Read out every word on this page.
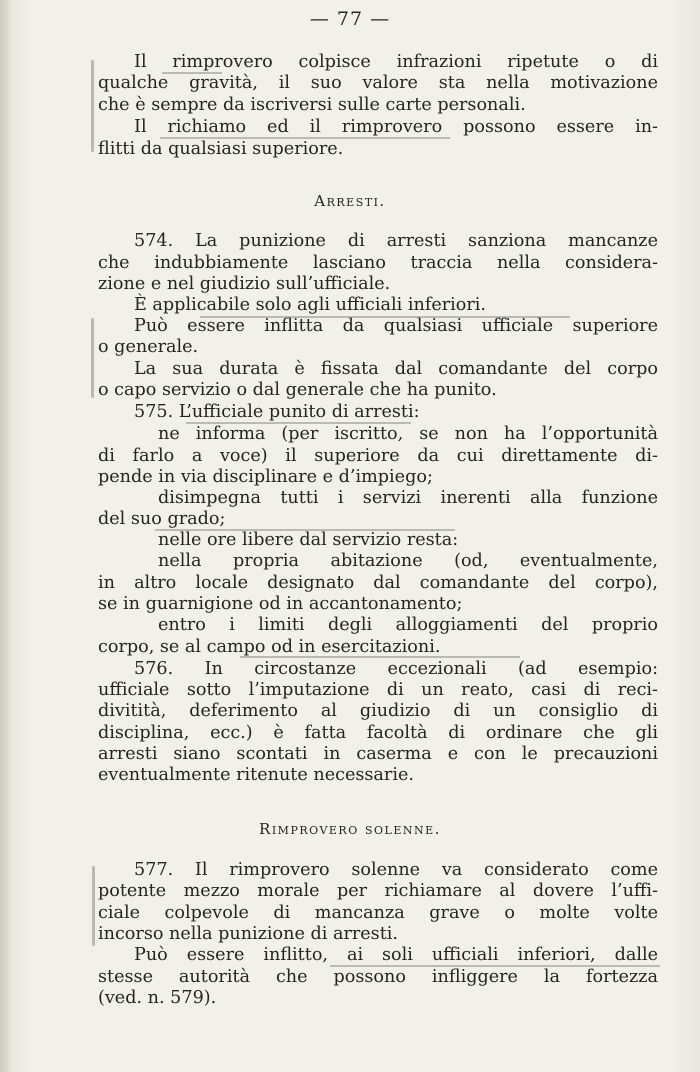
— 77 —
Il rimprovero colpisce infrazioni ripetute o di
qualche gravità, il suo valore sta nella motivazione
che è sempre da iscriversi sulle carte personali.
Il richiamo ed il rimprovero possono essere in-
flitti da qualsiasi superiore.
Arresti.
574. La punizione di arresti sanziona mancanze
che indubbiamente lasciano traccia nella considera-
zione e nel giudizio sull’ufficiale.
È applicabile solo agli ufficiali inferiori.
Può essere inflitta da qualsiasi ufficiale superiore
o generale.
La sua durata è fissata dal comandante del corpo
o capo servizio o dal generale che ha punito.
575. L’ufficiale punito di arresti:
ne informa (per iscritto, se non ha l’opportunità
di farlo a voce) il superiore da cui direttamente di-
pende in via disciplinare e d’impiego;
disimpegna tutti i servizi inerenti alla funzione
del suo grado;
nelle ore libere dal servizio resta:
nella propria abitazione (od, eventualmente,
in altro locale designato dal comandante del corpo),
se in guarnigione od in accantonamento;
entro i limiti degli alloggiamenti del proprio
corpo, se al campo od in esercitazioni.
576. In circostanze eccezionali (ad esempio:
ufficiale sotto l’imputazione di un reato, casi di reci-
divitità, deferimento al giudizio di un consiglio di
disciplina, ecc.) è fatta facoltà di ordinare che gli
arresti siano scontati in caserma e con le precauzioni
eventualmente ritenute necessarie.
Rimprovero solenne.
577. Il rimprovero solenne va considerato come
potente mezzo morale per richiamare al dovere l’uffi-
ciale colpevole di mancanza grave o molte volte
incorso nella punizione di arresti.
Può essere inflitto, ai soli ufficiali inferiori, dalle
stesse autorità che possono infliggere la fortezza
(ved. n. 579).
